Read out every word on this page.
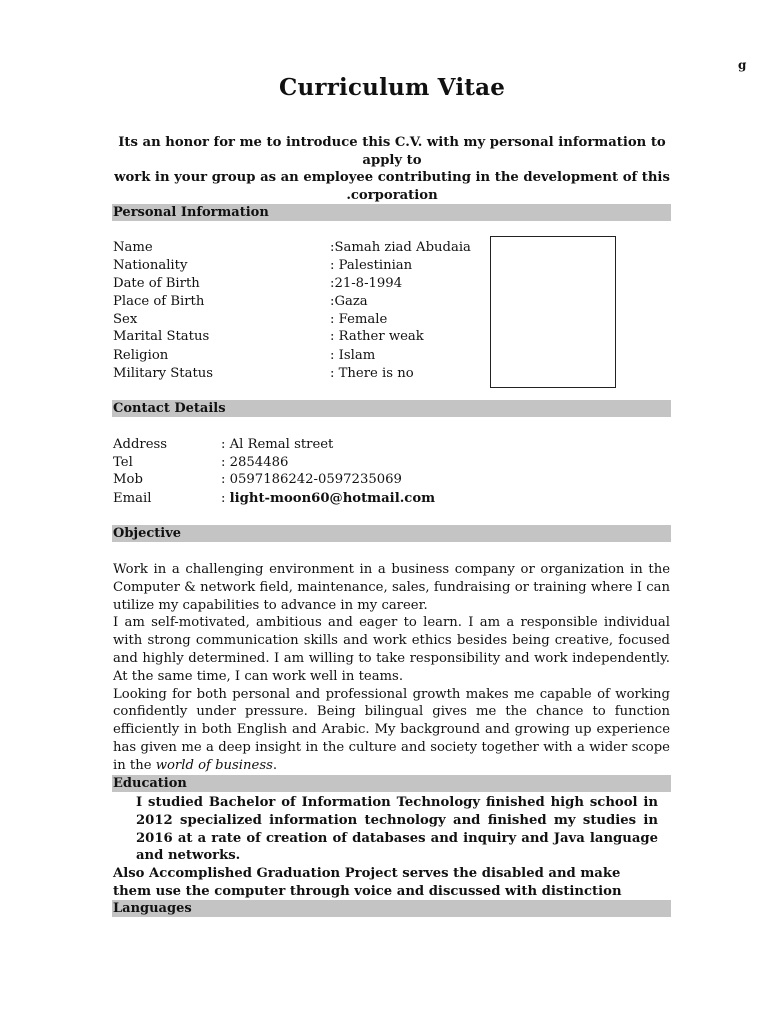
g
Curriculum Vitae
Its an honor for me to introduce this C.V. with my personal information to apply to
work in your group as an employee contributing in the development of this
.corporation
Personal Information
Name	:Samah ziad Abudaia
Nationality	: Palestinian
Date of Birth	:21-8-1994
Place of Birth	:Gaza
Sex	: Female
Marital Status	: Rather weak
Religion	: Islam
Military Status	: There is no
Contact Details
Address	: Al Remal street
Tel	: 2854486
Mob	: 0597186242-0597235069
Email	: light-moon60@hotmail.com
Objective

Work in a challenging environment in a business company or organization in the Computer & network field, maintenance, sales, fundraising or training where I can utilize my capabilities to advance in my career.

I am self-motivated, ambitious and eager to learn. I am a responsible individual with strong communication skills and work ethics besides being creative, focused and highly determined. I am willing to take responsibility and work independently. At the same time, I can work well in teams.

Looking for both personal and professional growth makes me capable of working confidently under pressure. Being bilingual gives me the chance to function efficiently in both English and Arabic. My background and growing up experience has given me a deep insight in the culture and society together with a wider scope in the world of business.

Education

I studied Bachelor of Information Technology finished high school in 2012 specialized information technology and finished my studies in 2016 at a rate of creation of databases and inquiry and Java language and networks.

Also Accomplished Graduation Project serves the disabled and make them use the computer through voice and discussed with distinction

Languages
